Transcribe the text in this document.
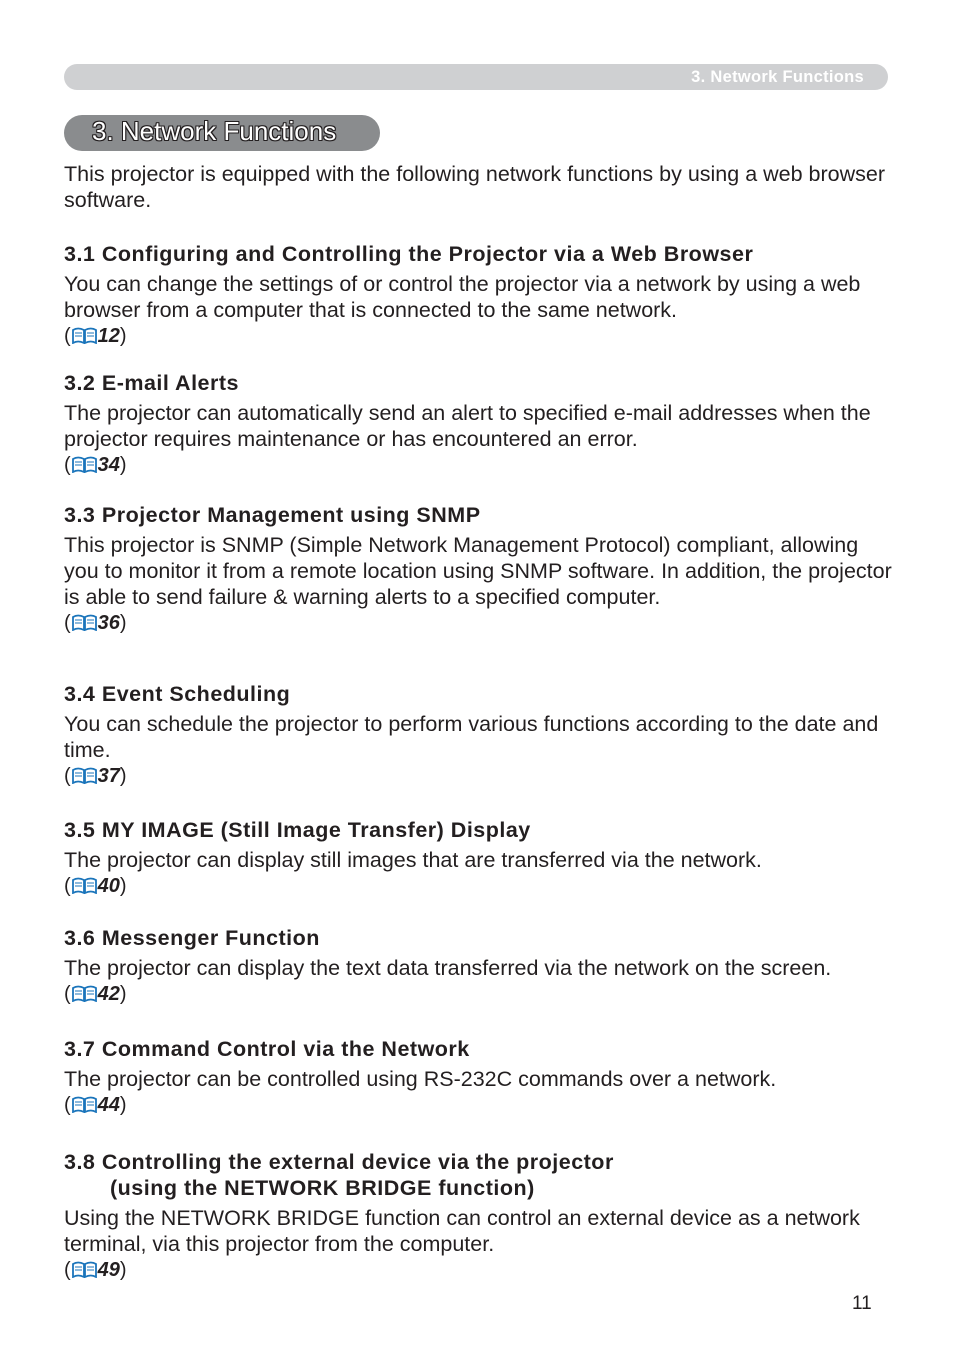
3. Network Functions
3. Network Functions

This projector is equipped with the following network functions by using a web browser software.

3.1 Configuring and Controlling the Projector via a Web Browser

You can change the settings of or control the projector via a network by using a web browser from a computer that is connected to the same network.

( 12)
3.2 E-mail Alerts

The projector can automatically send an alert to specified e-mail addresses when the projector requires maintenance or has encountered an error.

( 34)
3.3 Projector Management using SNMP

This projector is SNMP (Simple Network Management Protocol) compliant, allowing you to monitor it from a remote location using SNMP software. In addition, the projector is able to send failure & warning alerts to a specified computer.

( 36)
3.4 Event Scheduling

You can schedule the projector to perform various functions according to the date and time.

( 37)
3.5 MY IMAGE (Still Image Transfer) Display

The projector can display still images that are transferred via the network.

( 40)
3.6 Messenger Function

The projector can display the text data transferred via the network on the screen.

( 42)
3.7 Command Control via the Network

The projector can be controlled using RS-232C commands over a network.

( 44)
3.8 Controlling the external device via the projector
(using the NETWORK BRIDGE function)

Using the NETWORK BRIDGE function can control an external device as a network terminal, via this projector from the computer.

( 49)
11
